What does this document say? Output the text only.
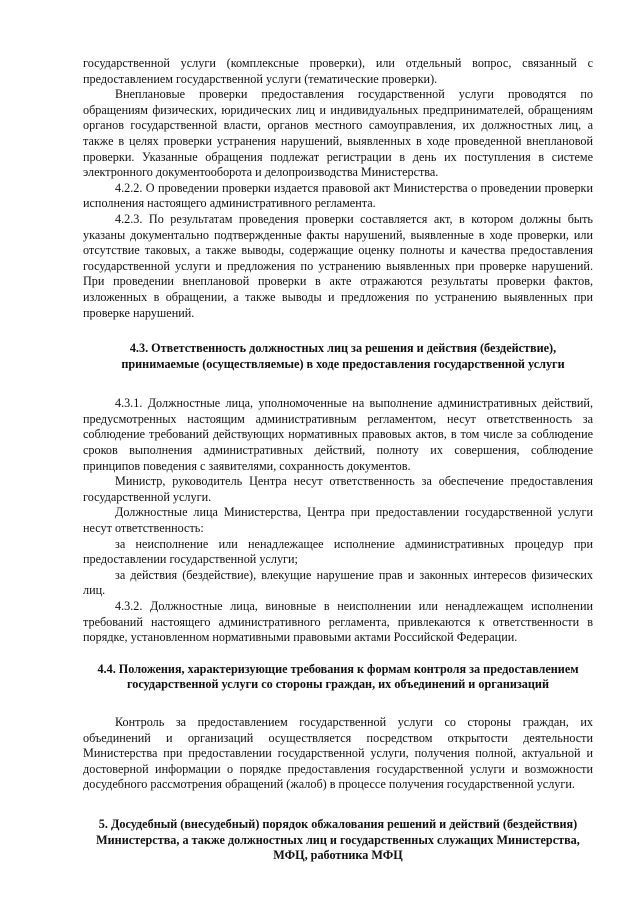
государственной услуги (комплексные проверки), или отдельный вопрос, связанный с предоставлением государственной услуги (тематические проверки).

Внеплановые проверки предоставления государственной услуги проводятся по обращениям физических, юридических лиц и индивидуальных предпринимателей, обращениям органов государственной власти, органов местного самоуправления, их должностных лиц, а также в целях проверки устранения нарушений, выявленных в ходе проведенной внеплановой проверки. Указанные обращения подлежат регистрации в день их поступления в системе электронного документооборота и делопроизводства Министерства.

4.2.2. О проведении проверки издается правовой акт Министерства о проведении проверки исполнения настоящего административного регламента.

4.2.3. По результатам проведения проверки составляется акт, в котором должны быть указаны документально подтвержденные факты нарушений, выявленные в ходе проверки, или отсутствие таковых, а также выводы, содержащие оценку полноты и качества предоставления государственной услуги и предложения по устранению выявленных при проверке нарушений. При проведении внеплановой проверки в акте отражаются результаты проверки фактов, изложенных в обращении, а также выводы и предложения по устранению выявленных при проверке нарушений.

4.3. Ответственность должностных лиц за решения и действия (бездействие), принимаемые (осуществляемые) в ходе предоставления государственной услуги

4.3.1. Должностные лица, уполномоченные на выполнение административных действий, предусмотренных настоящим административным регламентом, несут ответственность за соблюдение требований действующих нормативных правовых актов, в том числе за соблюдение сроков выполнения административных действий, полноту их совершения, соблюдение принципов поведения с заявителями, сохранность документов.

Министр, руководитель Центра несут ответственность за обеспечение предоставления государственной услуги.

Должностные лица Министерства, Центра при предоставлении государственной услуги несут ответственность:

за неисполнение или ненадлежащее исполнение административных процедур при предоставлении государственной услуги;

за действия (бездействие), влекущие нарушение прав и законных интересов физических лиц.

4.3.2. Должностные лица, виновные в неисполнении или ненадлежащем исполнении требований настоящего административного регламента, привлекаются к ответственности в порядке, установленном нормативными правовыми актами Российской Федерации.

4.4. Положения, характеризующие требования к формам контроля за предоставлением государственной услуги со стороны граждан, их объединений и организаций

Контроль за предоставлением государственной услуги со стороны граждан, их объединений и организаций осуществляется посредством открытости деятельности Министерства при предоставлении государственной услуги, получения полной, актуальной и достоверной информации о порядке предоставления государственной услуги и возможности досудебного рассмотрения обращений (жалоб) в процессе получения государственной услуги.

5. Досудебный (внесудебный) порядок обжалования решений и действий (бездействия) Министерства, а также должностных лиц и государственных служащих Министерства, МФЦ, работника МФЦ
